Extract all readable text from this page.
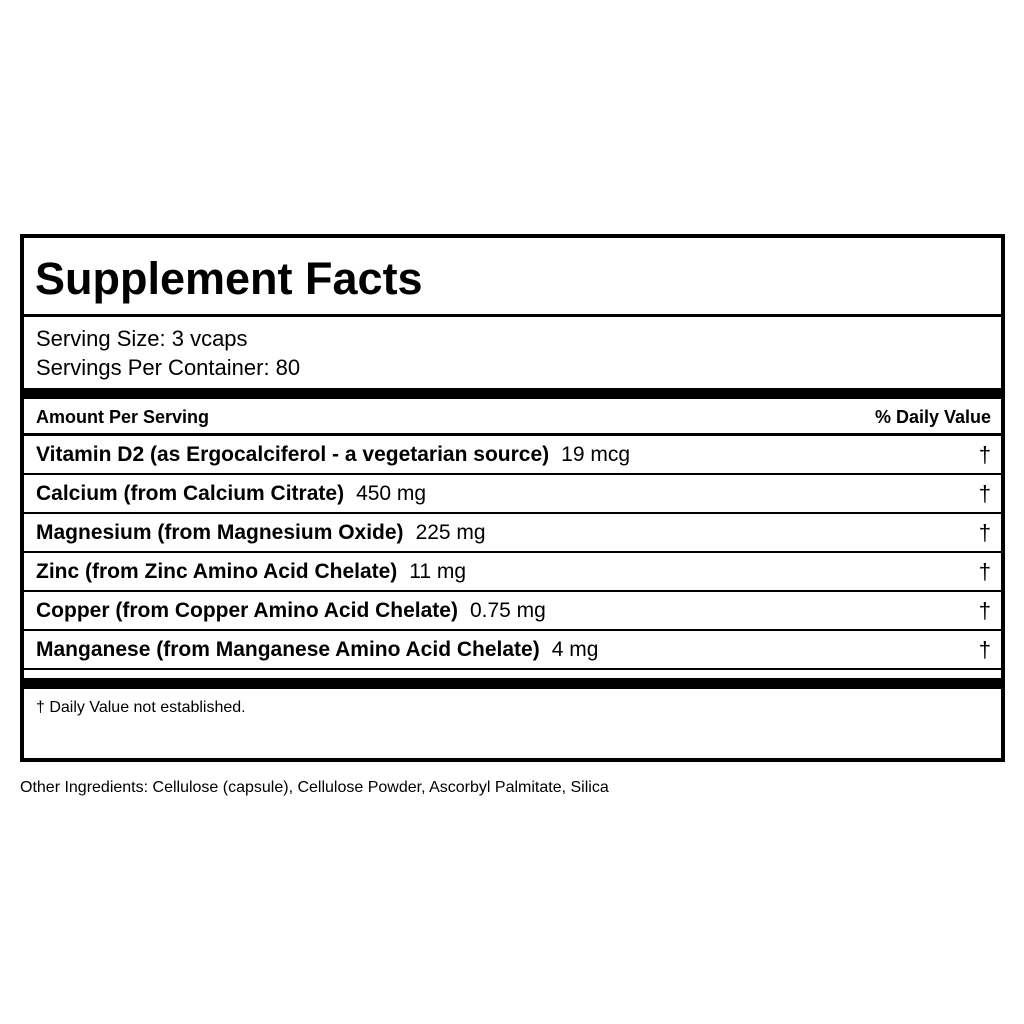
Supplement Facts
Serving Size: 3 vcaps
Servings Per Container: 80
Amount Per Serving	% Daily Value
Vitamin D2 (as Ergocalciferol - a vegetarian source) 19 mcg	†
Calcium (from Calcium Citrate) 450 mg	†
Magnesium (from Magnesium Oxide) 225 mg	†
Zinc (from Zinc Amino Acid Chelate) 11 mg	†
Copper (from Copper Amino Acid Chelate) 0.75 mg	†
Manganese (from Manganese Amino Acid Chelate) 4 mg	†
† Daily Value not established.
Other Ingredients: Cellulose (capsule), Cellulose Powder, Ascorbyl Palmitate, Silica
